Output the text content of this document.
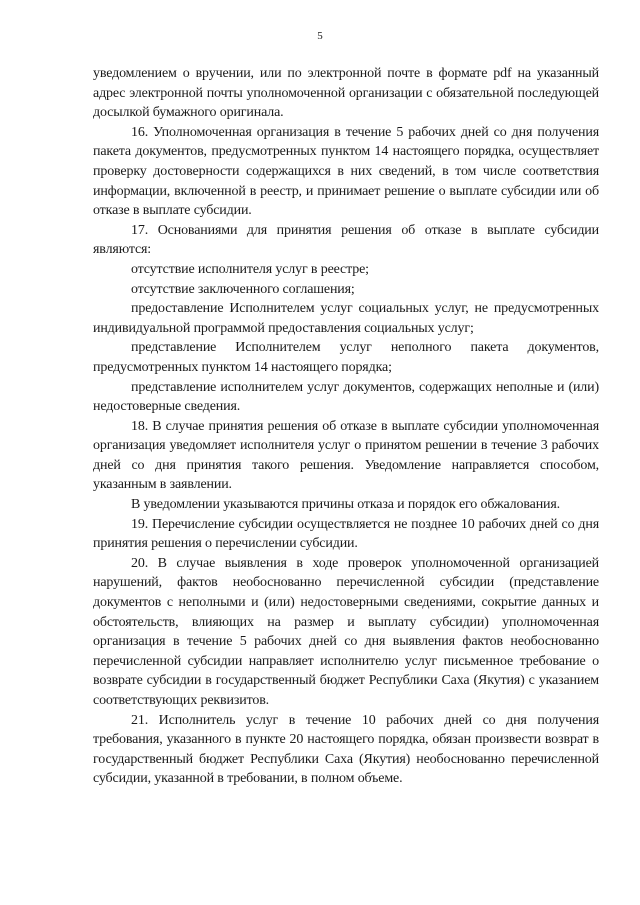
5

уведомлением о вручении, или по электронной почте в формате pdf на указанный адрес электронной почты уполномоченной организации с обязательной последующей досылкой бумажного оригинала.

16. Уполномоченная организация в течение 5 рабочих дней со дня получения пакета документов, предусмотренных пунктом 14 настоящего порядка, осуществляет проверку достоверности содержащихся в них сведений, в том числе соответствия информации, включенной в реестр, и принимает решение о выплате субсидии или об отказе в выплате субсидии.

17. Основаниями для принятия решения об отказе в выплате субсидии являются:

отсутствие исполнителя услуг в реестре;

отсутствие заключенного соглашения;

предоставление Исполнителем услуг социальных услуг, не предусмотренных индивидуальной программой предоставления социальных услуг;

представление Исполнителем услуг неполного пакета документов, предусмотренных пунктом 14 настоящего порядка;

представление исполнителем услуг документов, содержащих неполные и (или) недостоверные сведения.

18. В случае принятия решения об отказе в выплате субсидии уполномоченная организация уведомляет исполнителя услуг о принятом решении в течение 3 рабочих дней со дня принятия такого решения. Уведомление направляется способом, указанным в заявлении.

В уведомлении указываются причины отказа и порядок его обжалования.

19. Перечисление субсидии осуществляется не позднее 10 рабочих дней со дня принятия решения о перечислении субсидии.

20. В случае выявления в ходе проверок уполномоченной организацией нарушений, фактов необоснованно перечисленной субсидии (представление документов с неполными и (или) недостоверными сведениями, сокрытие данных и обстоятельств, влияющих на размер и выплату субсидии) уполномоченная организация в течение 5 рабочих дней со дня выявления фактов необоснованно перечисленной субсидии направляет исполнителю услуг письменное требование о возврате субсидии в государственный бюджет Республики Саха (Якутия) с указанием соответствующих реквизитов.

21. Исполнитель услуг в течение 10 рабочих дней со дня получения требования, указанного в пункте 20 настоящего порядка, обязан произвести возврат в государственный бюджет Республики Саха (Якутия) необоснованно перечисленной субсидии, указанной в требовании, в полном объеме.
